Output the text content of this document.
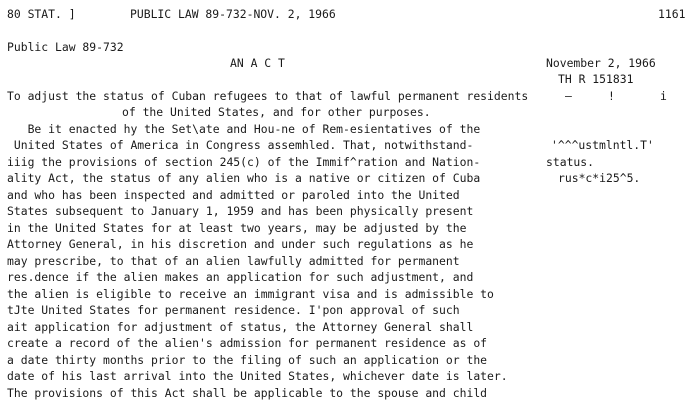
80 STAT. ]	PUBLIC LAW 89-732-NOV. 2, 1966	1161
Public Law 89-732
AN A C T	November 2, 1966
TH R 151831
To adjust the status of Cuban refugees to that of lawful permanent residents	–	!	i
of the United States, and for other purposes.
Be it enacted hy the Set\ate and Hou-ne of Rem-esientatives of the
United States of America in Congress assemhled. That, notwithstand-
iiig the provisions of section 245(c) of the Immif^ration and Nation-
ality Act, the status of any alien who is a native or citizen of Cuba
and who has been inspected and admitted or paroled into the United
States subsequent to January 1, 1959 and has been physically present
in the United States for at least two years, may be adjusted by the
Attorney General, in his discretion and under such regulations as he
may prescribe, to that of an alien lawfully admitted for permanent
res.dence if the alien makes an application for such adjustment, and
the alien is eligible to receive an immigrant visa and is admissible to
tJte United States for permanent residence. I'pon approval of such
ait application for adjustment of status, the Attorney General shall
create a record of the alien's admission for permanent residence as of
a date thirty months prior to the filing of such an application or the
date of his last arrival into the United States, whichever date is later.
The provisions of this Act shall be applicable to the spouse and child
'^^^ustmlntl.T'
status.
rus*c*i25^5.
